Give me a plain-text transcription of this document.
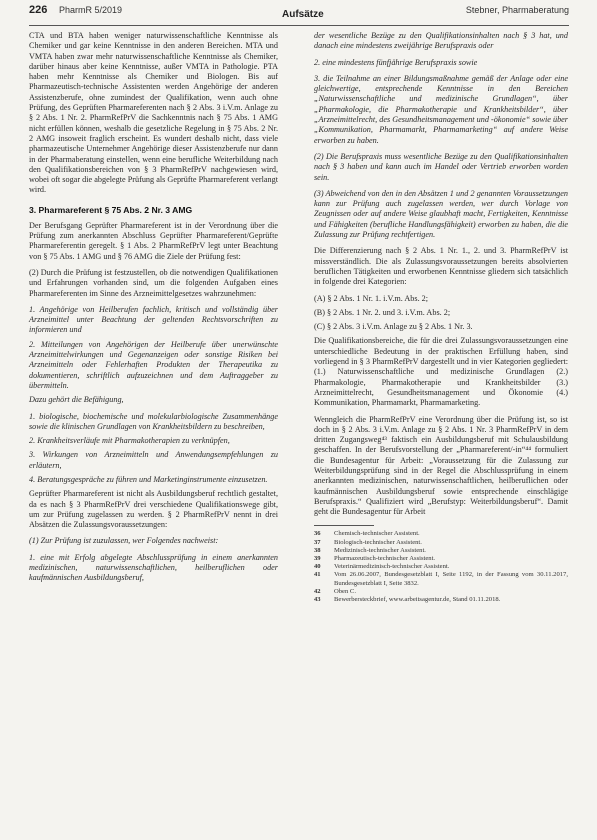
226 PharmR 5/2019	Aufsätze	Stebner, Pharmaberatung

CTA und BTA haben weniger naturwissenschaftliche Kenntnisse als Chemiker und gar keine Kenntnisse in den anderen Bereichen. MTA und VMTA haben zwar mehr naturwissenschaftliche Kenntnisse als Chemiker, darüber hinaus aber keine Kenntnisse, außer VMTA in Pathologie. PTA haben mehr Kenntnisse als Chemiker und Biologen. Bis auf Pharmazeutisch-technische Assistenten werden Angehörige der anderen Assistenzberufe, ohne zumindest der Qualifikation, wenn auch ohne Prüfung, des Geprüften Pharmareferenten nach § 2 Abs. 3 i.V.m. Anlage zu § 2 Abs. 1 Nr. 2. PharmRefPrV die Sachkenntnis nach § 75 Abs. 1 AMG nicht erfüllen können, weshalb die gesetzliche Regelung in § 75 Abs. 2 Nr. 2 AMG insoweit fraglich erscheint. Es wundert deshalb nicht, dass viele pharmazeutische Unternehmer Angehörige dieser Assistenzberufe nur dann in der Pharmaberatung einstellen, wenn eine berufliche Weiterbildung nach den Qualifikationsbereichen von § 3 PharmRefPrV nachgewiesen wird, wobei oft sogar die abgelegte Prüfung als Geprüfte Pharmareferent verlangt wird.

3. Pharmareferent § 75 Abs. 2 Nr. 3 AMG

Der Berufsgang Geprüfter Pharmareferent ist in der Verordnung über die Prüfung zum anerkannten Abschluss Geprüfter Pharmareferent/Geprüfte Pharmareferentin geregelt. § 1 Abs. 2 PharmRefPrV legt unter Beachtung von § 75 Abs. 1 AMG und § 76 AMG die Ziele der Prüfung fest:

(2) Durch die Prüfung ist festzustellen, ob die notwendigen Qualifikationen und Erfahrungen vorhanden sind, um die folgenden Aufgaben eines Pharmareferenten im Sinne des Arzneimittelgesetzes wahrzunehmen:

1. Angehörige von Heilberufen fachlich, kritisch und vollständig über Arzneimittel unter Beachtung der geltenden Rechtsvorschriften zu informieren und

2. Mitteilungen von Angehörigen der Heilberufe über unerwünschte Arzneimittelwirkungen und Gegenanzeigen oder sonstige Risiken bei Arzneimitteln oder Fehlerhaften Produkten der Therapeutika zu dokumentieren, schriftlich aufzuzeichnen und dem Auftraggeber zu übermitteln.

Dazu gehört die Befähigung,

1. biologische, biochemische und molekularbiologische Zusammenhänge sowie die klinischen Grundlagen von Krankheitsbildern zu beschreiben,

2. Krankheitsverläufe mit Pharmakotherapien zu verknüpfen,

3. Wirkungen von Arzneimitteln und Anwendungsempfehlungen zu erläutern,

4. Beratungsgespräche zu führen und Marketinginstrumente einzusetzen.

Geprüfter Pharmareferent ist nicht als Ausbildungsberuf rechtlich gestaltet, da es nach § 3 PharmRefPrV drei verschiedene Qualifikationswege gibt, um zur Prüfung zugelassen zu werden. § 2 PharmRefPrV nennt in drei Absätzen die Zulassungsvoraussetzungen:

(1) Zur Prüfung ist zuzulassen, wer Folgendes nachweist:

1. eine mit Erfolg abgelegte Abschlussprüfung in einem anerkannten medizinischen, naturwissenschaftlichen, heilberuflichen oder kaufmännischen Ausbildungsberuf,

der wesentliche Bezüge zu den Qualifikationsinhalten nach § 3 hat, und danach eine mindestens zweijährige Berufspraxis oder

2. eine mindestens fünfjährige Berufspraxis sowie

3. die Teilnahme an einer Bildungsmaßnahme gemäß der Anlage oder eine gleichwertige, entsprechende Kenntnisse in den Bereichen „Naturwissenschaftliche und medizinische Grundlagen“, über „Pharmakologie, die Pharmakotherapie und Krankheitsbilder“, über „Arzneimittelrecht, des Gesundheitsmanagement und -ökonomie“ sowie über „Kommunikation, Pharmamarkt, Pharmamarketing“ auf andere Weise erworben zu haben.

(2) Die Berufspraxis muss wesentliche Bezüge zu den Qualifikationsinhalten nach § 3 haben und kann auch im Handel oder Vertrieb erworben worden sein.

(3) Abweichend von den in den Absätzen 1 und 2 genannten Voraussetzungen kann zur Prüfung auch zugelassen werden, wer durch Vorlage von Zeugnissen oder auf andere Weise glaubhaft macht, Fertigkeiten, Kenntnisse und Fähigkeiten (berufliche Handlungsfähigkeit) erworben zu haben, die die Zulassung zur Prüfung rechtfertigen.

Die Differenzierung nach § 2 Abs. 1 Nr. 1., 2. und 3. PharmRefPrV ist missverständlich. Die als Zulassungsvoraussetzungen bereits absolvierten beruflichen Tätigkeiten und erworbenen Kenntnisse gliedern sich tatsächlich in folgende drei Kategorien:

(A) § 2 Abs. 1 Nr. 1. i.V.m. Abs. 2;

(B) § 2 Abs. 1 Nr. 2. und 3. i.V.m. Abs. 2;

(C) § 2 Abs. 3 i.V.m. Anlage zu § 2 Abs. 1 Nr. 3.

Die Qualifikationsbereiche, die für die drei Zulassungsvoraussetzungen eine unterschiedliche Bedeutung in der praktischen Erfüllung haben, sind vorliegend in § 3 PharmRefPrV dargestellt und in vier Kategorien gegliedert: (1.) Naturwissenschaftliche und medizinische Grundlagen (2.) Pharmakologie, Pharmakotherapie und Krankheitsbilder (3.) Arzneimittelrecht, Gesundheitsmanagement und Ökonomie (4.) Kommunikation, Pharmamarkt, Pharmamarketing.

Wenngleich die PharmRefPrV eine Verordnung über die Prüfung ist, so ist doch in § 2 Abs. 3 i.V.m. Anlage zu § 2 Abs. 1 Nr. 3 PharmRefPrV in dem dritten Zugangsweg⁴³ faktisch ein Ausbildungsberuf mit Schulausbildung geschaffen. In der Berufsvorstellung der „Pharmareferent/-in“⁴⁴ formuliert die Bundesagentur für Arbeit: „Voraussetzung für die Zulassung zur Weiterbildungsprüfung sind in der Regel die Abschlussprüfung in einem anerkannten medizinischen, naturwissenschaftlichen, heilberuflichen oder kaufmännischen Ausbildungsberuf sowie entsprechende einschlägige Berufspraxis.“ Qualifiziert wird „Berufstyp: Weiterbildungsberuf“. Damit geht die Bundesagentur für Arbeit

36	Chemisch-technischer Assistent.
37	Biologisch-technischer Assistent.
38	Medizinisch-technischer Assistent.
39	Pharmazeutisch-technischer Assistent.
40	Veterinärmedizinisch-technischer Assistent.
41	Vom 26.06.2007, Bundesgesetzblatt I, Seite 1192, in der Fassung vom 30.11.2017, Bundesgesetzblatt I, Seite 3832.
42	Oben C.
43	Bewerbersteckbrief, www.arbeitsagentur.de, Stand 01.11.2018.
